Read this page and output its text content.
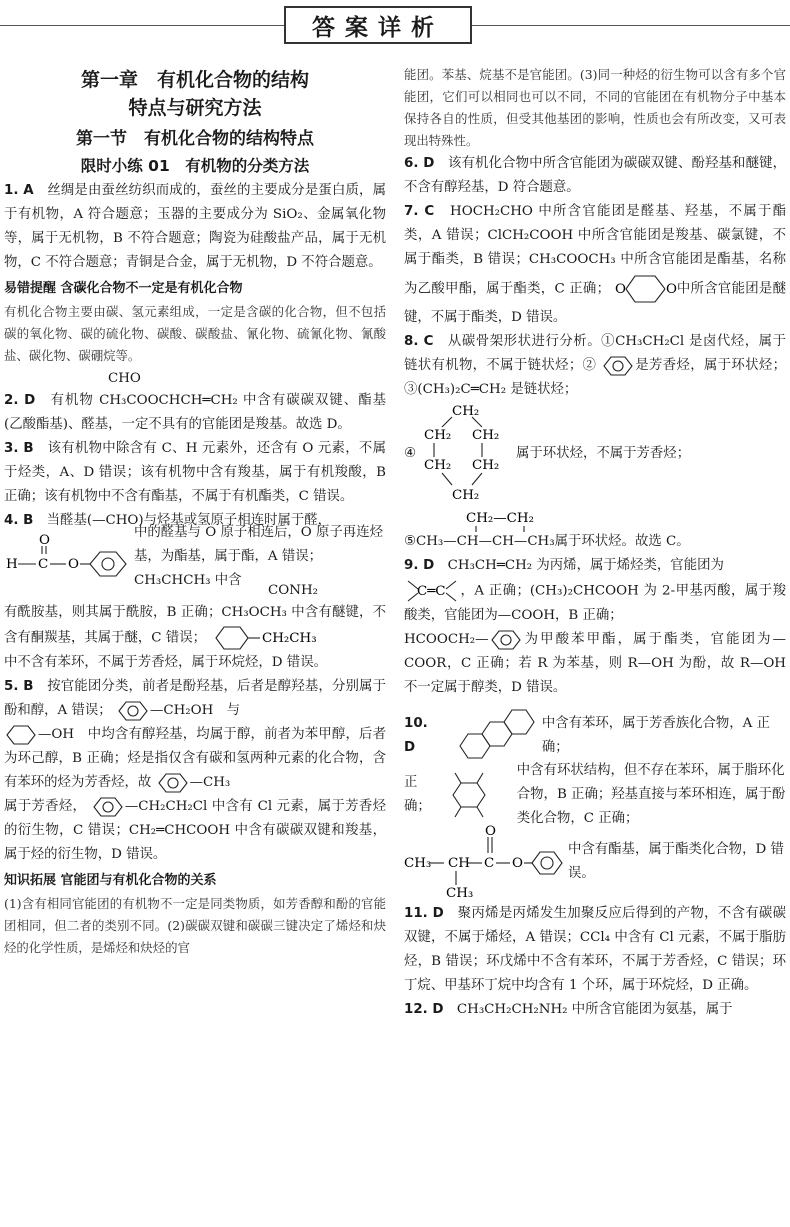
答案详析
第一章　有机化合物的结构
特点与研究方法
第一节　有机化合物的结构特点
限时小练 01　有机物的分类方法

1. A　 丝绸是由蚕丝纺织而成的，蚕丝的主要成分是蛋白质，属于有机物，A 符合题意；玉器的主要成分为 SiO₂、金属氧化物等，属于无机物，B 不符合题意；陶瓷为硅酸盐产品，属于无机物，C 不符合题意；青铜是合金，属于无机物，D 不符合题意。

易错提醒 含碳化合物不一定是有机化合物

有机化合物主要由碳、氢元素组成，一定是含碳的化合物，但不包括碳的氧化物、碳的硫化物、碳酸、碳酸盐、氰化物、硫氰化物、氰酸盐、碳化物、碳硼烷等。

CHO

2. D　 有机物 CH₃COOCHCH═CH₂ 中含有碳碳双键、酯基(乙酸酯基)、醛基，一定不具有的官能团是羧基。故选 D。

3. B　 该有机物中除含有 C、H 元素外，还含有 O 元素，不属于烃类，A、D 错误；该有机物中含有羧基，属于有机羧酸，B 正确；该有机物中不含有酯基，不属于有机酯类，C 错误。

4. B　 当醛基(—CHO)与烃基或氢原子相连时属于醛，

H C
O
O
中的醛基与 O 原子相连后，O 原子再连烃基，为酯基，属于酯，A 错误；CH₃CHCH₃ 中含
CONH₂

有酰胺基，则其属于酰胺，B 正确；CH₃OCH₃ 中含有醚键，不含有酮羰基，其属于醚，C 错误；	CH₂CH₃

中不含有苯环，不属于芳香烃，属于环烷烃，D 错误。

5. B　 按官能团分类，前者是酚羟基，后者是醇羟基，分别属于酚和醇，A 错误；	—CH₂OH　与

—OH　 中均含有醇羟基，均属于醇，前者为苯甲醇，后者为环己醇，B 正确；烃是指仅含有碳和氢两种元素的化合物，含有苯环的烃为芳香烃，故	—CH₃

属于芳香烃，	—CH₂CH₂Cl 中含有 Cl 元素，属于芳香烃的衍生物，C 错误；CH₂═CHCOOH 中含有碳碳双键和羧基，属于烃的衍生物，D 错误。

知识拓展 官能团与有机化合物的关系

(1)含有相同官能团的有机物不一定是同类物质，如芳香醇和酚的官能团相同，但二者的类别不同。(2)碳碳双键和碳碳三键决定了烯烃和炔烃的化学性质，是烯烃和炔烃的官

能团。苯基、烷基不是官能团。(3)同一种烃的衍生物可以含有多个官能团，它们可以相同也可以不同，不同的官能团在有机物分子中基本保持各自的性质，但受其他基团的影响，性质也会有所改变，又可表现出特殊性。

6. D　 该有机化合物中所含官能团为碳碳双键、酚羟基和醚键，不含有醇羟基，D 符合题意。

7. C　 HOCH₂CHO 中所含官能团是醛基、羟基，不属于酯类，A 错误；ClCH₂COOH 中所含官能团是羧基、碳氯键，不属于酯类，B 错误；CH₃COOCH₃ 中所含官能团是酯基，名称为乙酸甲酯，属于酯类，C 正确； O	O 中所含官能团是醚键，不属于酯类，D 错误。

8. C　 从碳骨架形状进行分析。①CH₃CH₂Cl 是卤代烃，属于链状有机物，不属于链状烃；②	是芳香烃，属于环状烃；③(CH₃)₂C═CH₂ 是链状烃；

④
CH₂
CH₂ CH₂
CH₂ CH₂
CH₂
属于环状烃，不属于芳香烃；
CH₂—CH₂
⑤CH₃—CH—CH—CH₃属于环状烃。故选 C。

9. D　 CH₃CH═CH₂ 为丙烯，属于烯烃类，官能团为

C═C ，A 正确；(CH₃)₂CHCOOH 为 2-甲基丙酸，属于羧酸类，官能团为—COOH，B 正确；

HCOOCH₂—	为甲酸苯甲酯，属于酯类，官能团为—COOR，C 正确；若 R 为苯基，则 R—OH 为酚，故 R—OH 不一定属于醇类，D 错误。

10. D
中含有苯环，属于芳香族化合物，A 正确；
正确；
中含有环状结构，但不存在苯环，属于脂环化合物，B 正确；羟基直接与苯环相连，属于酚类化合物，C 正确；
CH₃ CH
CH₃
C
O
O
中含有酯基，属于酯类化合物，D 错误。

11. D　 聚丙烯是丙烯发生加聚反应后得到的产物，不含有碳碳双键，不属于烯烃，A 错误；CCl₄ 中含有 Cl 元素，不属于脂肪烃，B 错误；环戊烯中不含有苯环，不属于芳香烃，C 错误；环丁烷、甲基环丁烷中均含有 1 个环，属于环烷烃，D 正确。

12. D　 CH₃CH₂CH₂NH₂ 中所含官能团为氨基，属于
